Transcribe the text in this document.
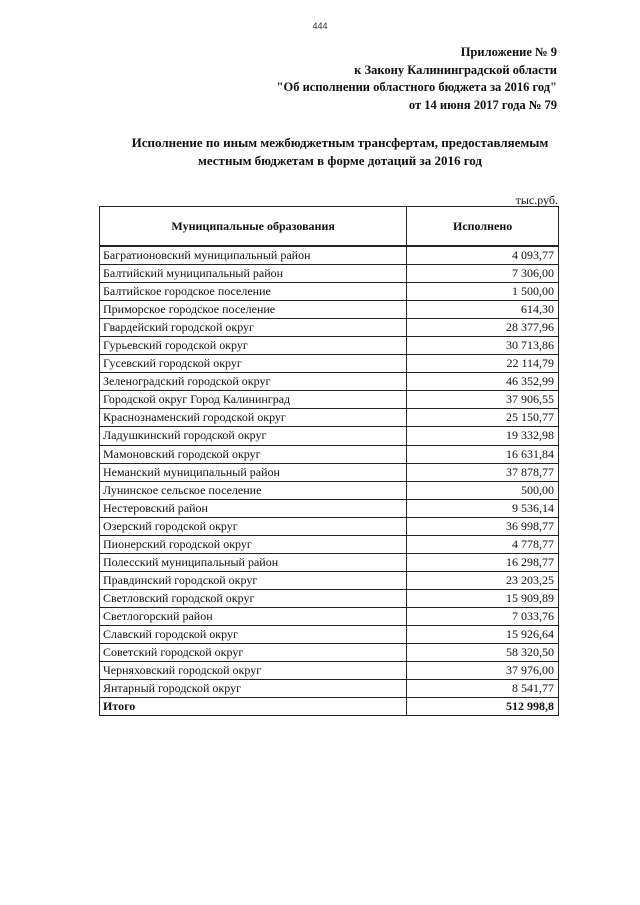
444
Приложение № 9
к Закону Калининградской области
"Об исполнении областного бюджета за 2016 год"
от 14 июня 2017 года № 79
Исполнение по иным межбюджетным трансфертам, предоставляемым
местным бюджетам в форме дотаций за 2016 год
тыс.руб.
Муниципальные образования	Исполнено
Багратионовский муниципальный район	4 093,77
Балтийский муниципальный район	7 306,00
Балтийское городское поселение	1 500,00
Приморское городское поселение	614,30
Гвардейский городской округ	28 377,96
Гурьевский городской округ	30 713,86
Гусевский городской округ	22 114,79
Зеленоградский городской округ	46 352,99
Городской округ Город Калининград	37 906,55
Краснознаменский городской округ	25 150,77
Ладушкинский городской округ	19 332,98
Мамоновский городской округ	16 631,84
Неманский муниципальный район	37 878,77
Лунинское сельское поселение	500,00
Нестеровский район	9 536,14
Озерский городской округ	36 998,77
Пионерский городской округ	4 778,77
Полесский муниципальный район	16 298,77
Правдинский городской округ	23 203,25
Светловский городской округ	15 909,89
Светлогорский район	7 033,76
Славский городской округ	15 926,64
Советский городской округ	58 320,50
Черняховский городской округ	37 976,00
Янтарный городской округ	8 541,77
Итого	512 998,8
